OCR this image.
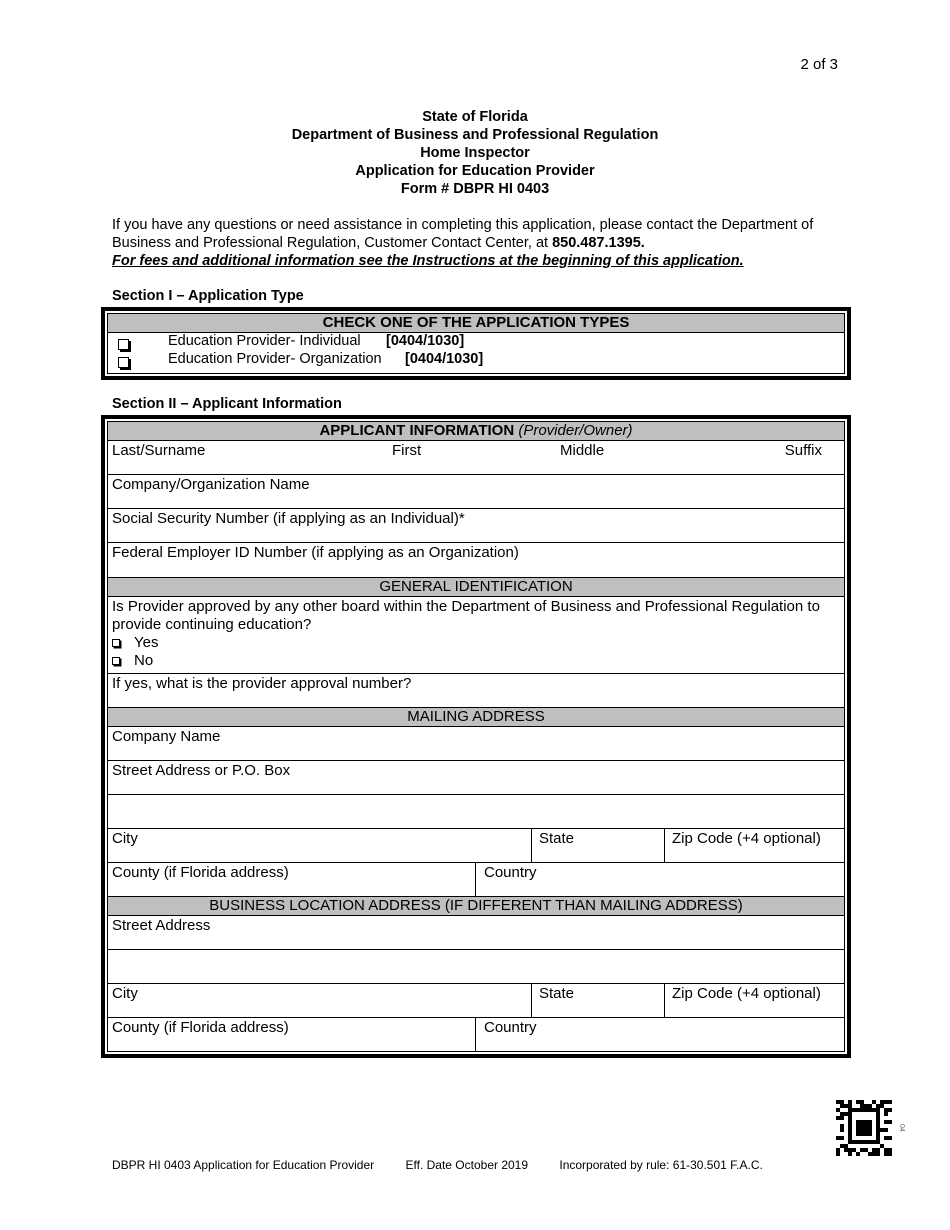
2 of 3
State of Florida
Department of Business and Professional Regulation
Home Inspector
Application for Education Provider
Form # DBPR HI 0403
If you have any questions or need assistance in completing this application, please contact the Department of Business and Professional Regulation, Customer Contact Center, at 850.487.1395.
For fees and additional information see the Instructions at the beginning of this application.
Section I – Application Type
CHECK ONE OF THE APPLICATION TYPES
Education Provider- Individual [0404/1030]
Education Provider- Organization [0404/1030]
Section II – Applicant Information
APPLICANT INFORMATION (Provider/Owner)
Last/Surname	First	Middle	Suffix
Company/Organization Name
Social Security Number (if applying as an Individual)*
Federal Employer ID Number (if applying as an Organization)
GENERAL IDENTIFICATION
Is Provider approved by any other board within the Department of Business and Professional Regulation to provide continuing education?
Yes
No
If yes, what is the provider approval number?
MAILING ADDRESS
Company Name
Street Address or P.O. Box
City	State	Zip Code (+4 optional)
County (if Florida address)	Country
BUSINESS LOCATION ADDRESS (IF DIFFERENT THAN MAILING ADDRESS)
Street Address
City	State	Zip Code (+4 optional)
County (if Florida address)	Country
04
DBPR HI 0403 Application for Education Provider	Eff. Date October 2019	Incorporated by rule: 61-30.501 F.A.C.
